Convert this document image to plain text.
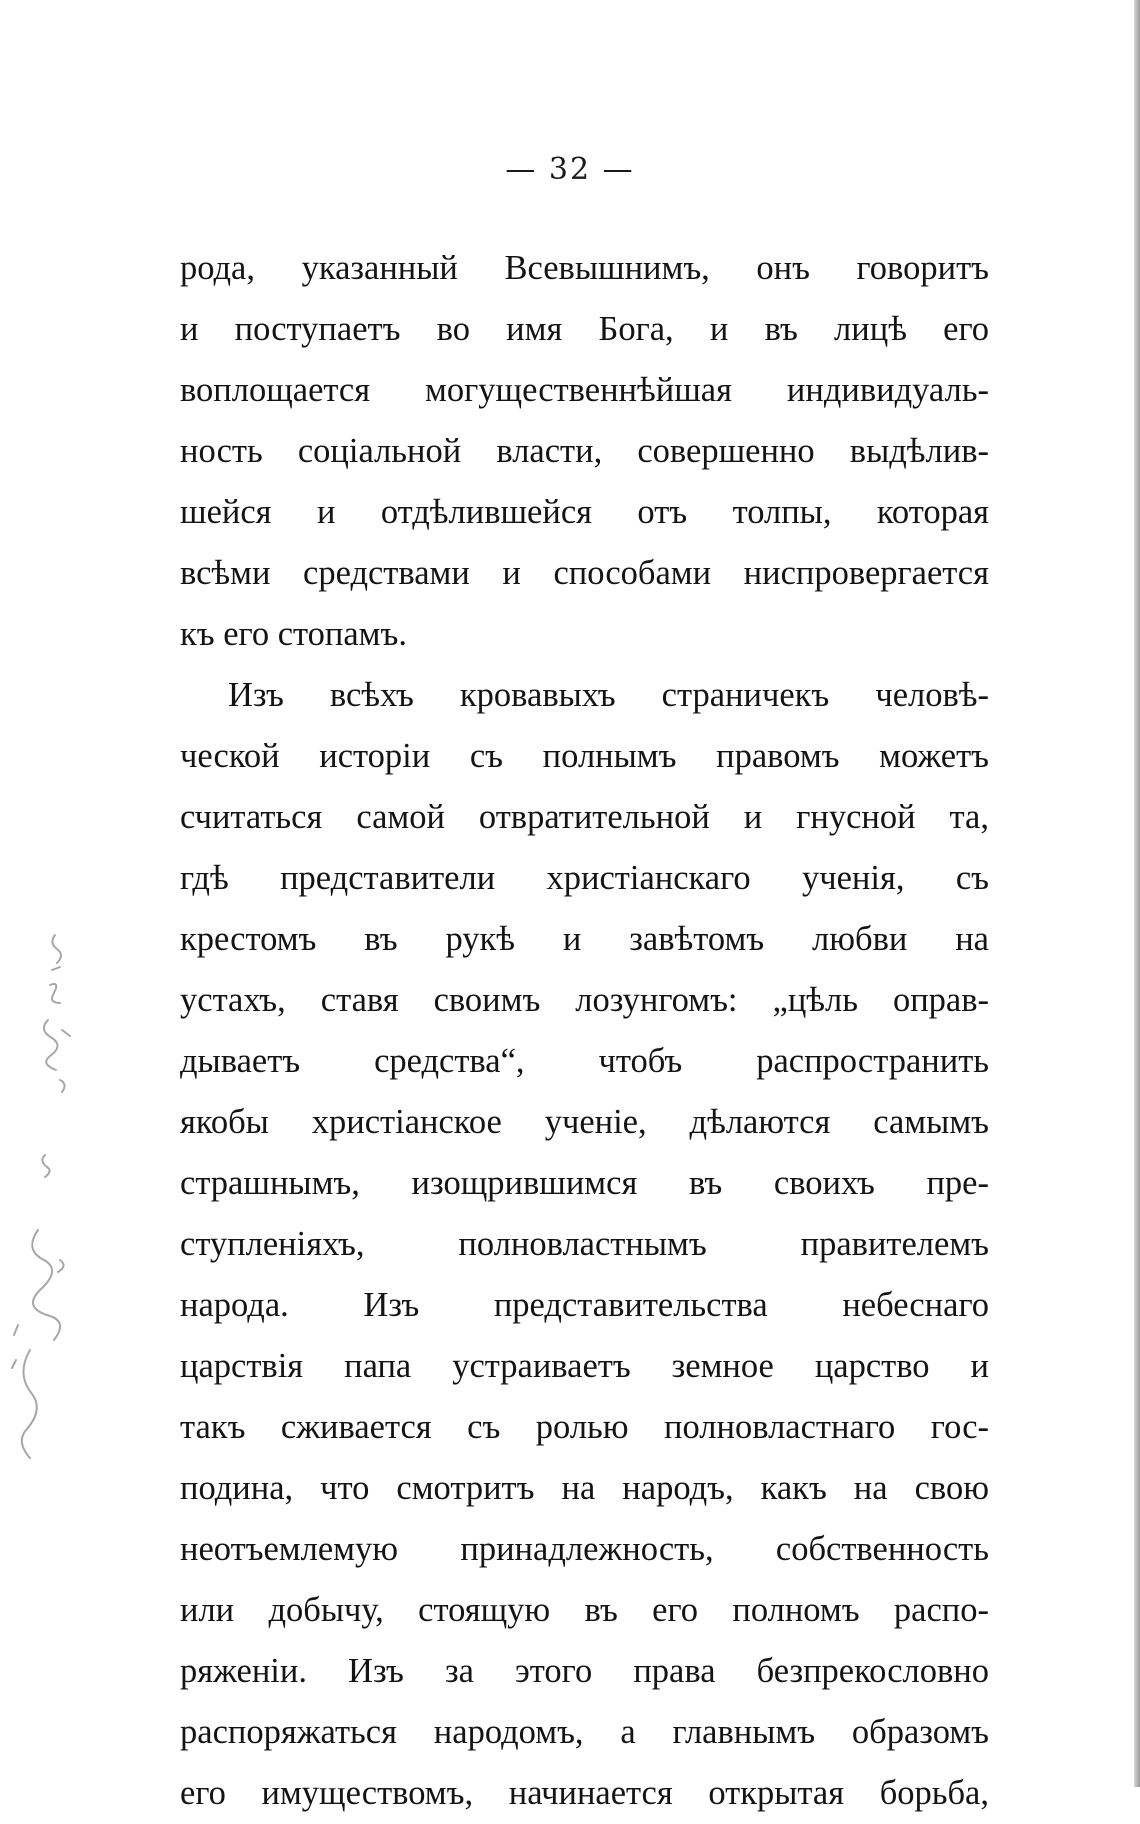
— 32 —
рода, указанный Всевышнимъ, онъ говоритъ
и поступаетъ во имя Бога, и въ лицѣ его
воплощается могущественнѣйшая индивидуаль-
ность соціальной власти, совершенно выдѣлив-
шейся и отдѣлившейся отъ толпы, которая
всѣми средствами и способами ниспровергается
къ его стопамъ.
Изъ всѣхъ кровавыхъ страничекъ человѣ-
ческой исторіи съ полнымъ правомъ можетъ
считаться самой отвратительной и гнусной та,
гдѣ представители христіанскаго ученія, съ
крестомъ въ рукѣ и завѣтомъ любви на
устахъ, ставя своимъ лозунгомъ: „цѣль оправ-
дываетъ средства“, чтобъ распространить
якобы христіанское ученіе, дѣлаются самымъ
страшнымъ, изощрившимся въ своихъ пре-
ступленіяхъ, полновластнымъ правителемъ
народа. Изъ представительства небеснаго
царствія папа устраиваетъ земное царство и
такъ сживается съ ролью полновластнаго гос-
подина, что смотритъ на народъ, какъ на свою
неотъемлемую принадлежность, собственность
или добычу, стоящую въ его полномъ распо-
ряженіи. Изъ за этого права безпрекословно
распоряжаться народомъ, а главнымъ образомъ
его имуществомъ, начинается открытая борьба,
